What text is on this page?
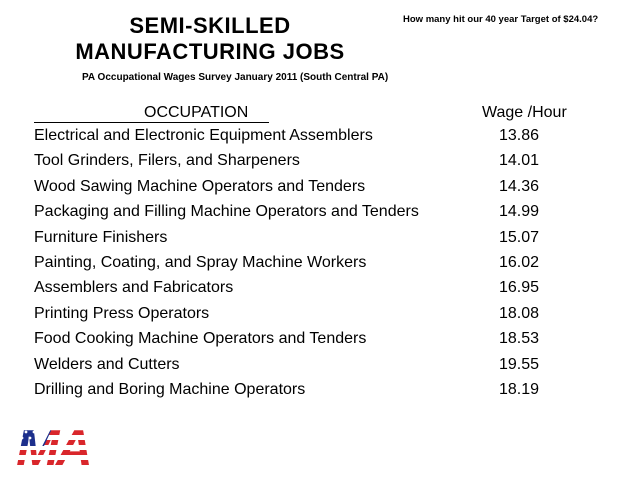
SEMI-SKILLED
MANUFACTURING JOBS
PA Occupational Wages Survey January 2011 (South Central PA)
How many hit our 40 year Target of $24.04?
OCCUPATION	Wage /Hour
Electrical and Electronic Equipment Assemblers	13.86
Tool Grinders, Filers, and Sharpeners	14.01
Wood Sawing Machine Operators and Tenders	14.36
Packaging and Filling Machine Operators and Tenders	14.99
Furniture Finishers	15.07
Painting, Coating, and Spray Machine Workers	16.02
Assemblers and Fabricators	16.95
Printing Press Operators	18.08
Food Cooking Machine Operators and Tenders	18.53
Welders and Cutters	19.55
Drilling and Boring Machine Operators	18.19
